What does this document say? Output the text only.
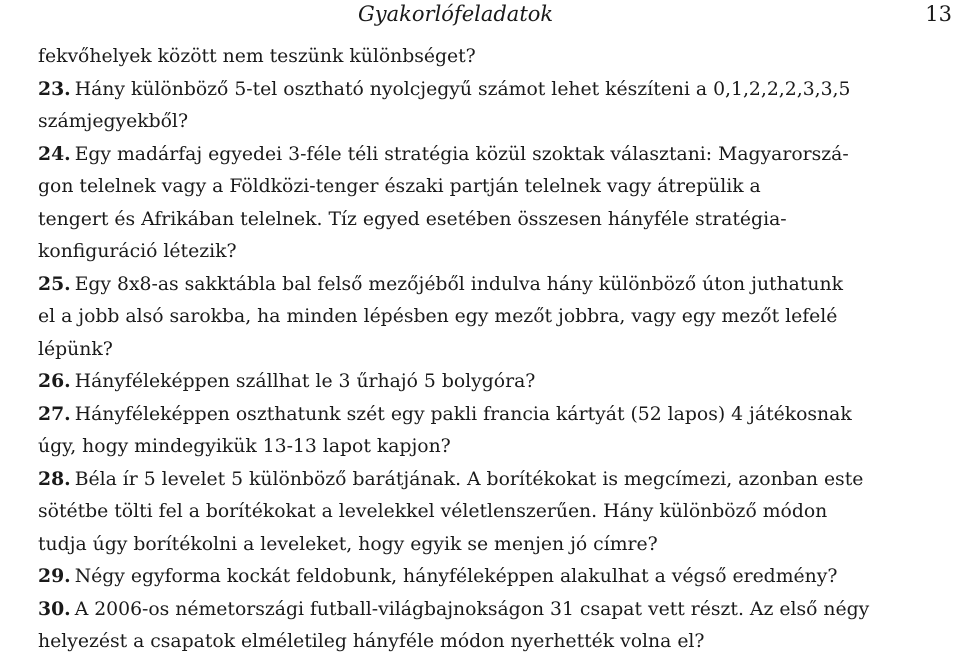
Gyakorlófeladatok	13
fekvőhelyek között nem teszünk különbséget?
23. Hány különböző 5-tel osztható nyolcjegyű számot lehet készíteni a 0,1,2,2,2,3,3,5
számjegyekből?
24. Egy madárfaj egyedei 3-féle téli stratégia közül szoktak választani: Magyarorszá-
gon telelnek vagy a Földközi-tenger északi partján telelnek vagy átrepülik a
tengert és Afrikában telelnek. Tíz egyed esetében összesen hányféle stratégia-
konfiguráció létezik?
25. Egy 8x8-as sakktábla bal felső mezőjéből indulva hány különböző úton juthatunk
el a jobb alsó sarokba, ha minden lépésben egy mezőt jobbra, vagy egy mezőt lefelé
lépünk?
26. Hányféleképpen szállhat le 3 űrhajó 5 bolygóra?
27. Hányféleképpen oszthatunk szét egy pakli francia kártyát (52 lapos) 4 játékosnak
úgy, hogy mindegyikük 13-13 lapot kapjon?
28. Béla ír 5 levelet 5 különböző barátjának. A borítékokat is megcímezi, azonban este
sötétbe tölti fel a borítékokat a levelekkel véletlenszerűen. Hány különböző módon
tudja úgy borítékolni a leveleket, hogy egyik se menjen jó címre?
29. Négy egyforma kockát feldobunk, hányféleképpen alakulhat a végső eredmény?
30. A 2006-os németországi futball-világbajnokságon 31 csapat vett részt. Az első négy
helyezést a csapatok elméletileg hányféle módon nyerhették volna el?
